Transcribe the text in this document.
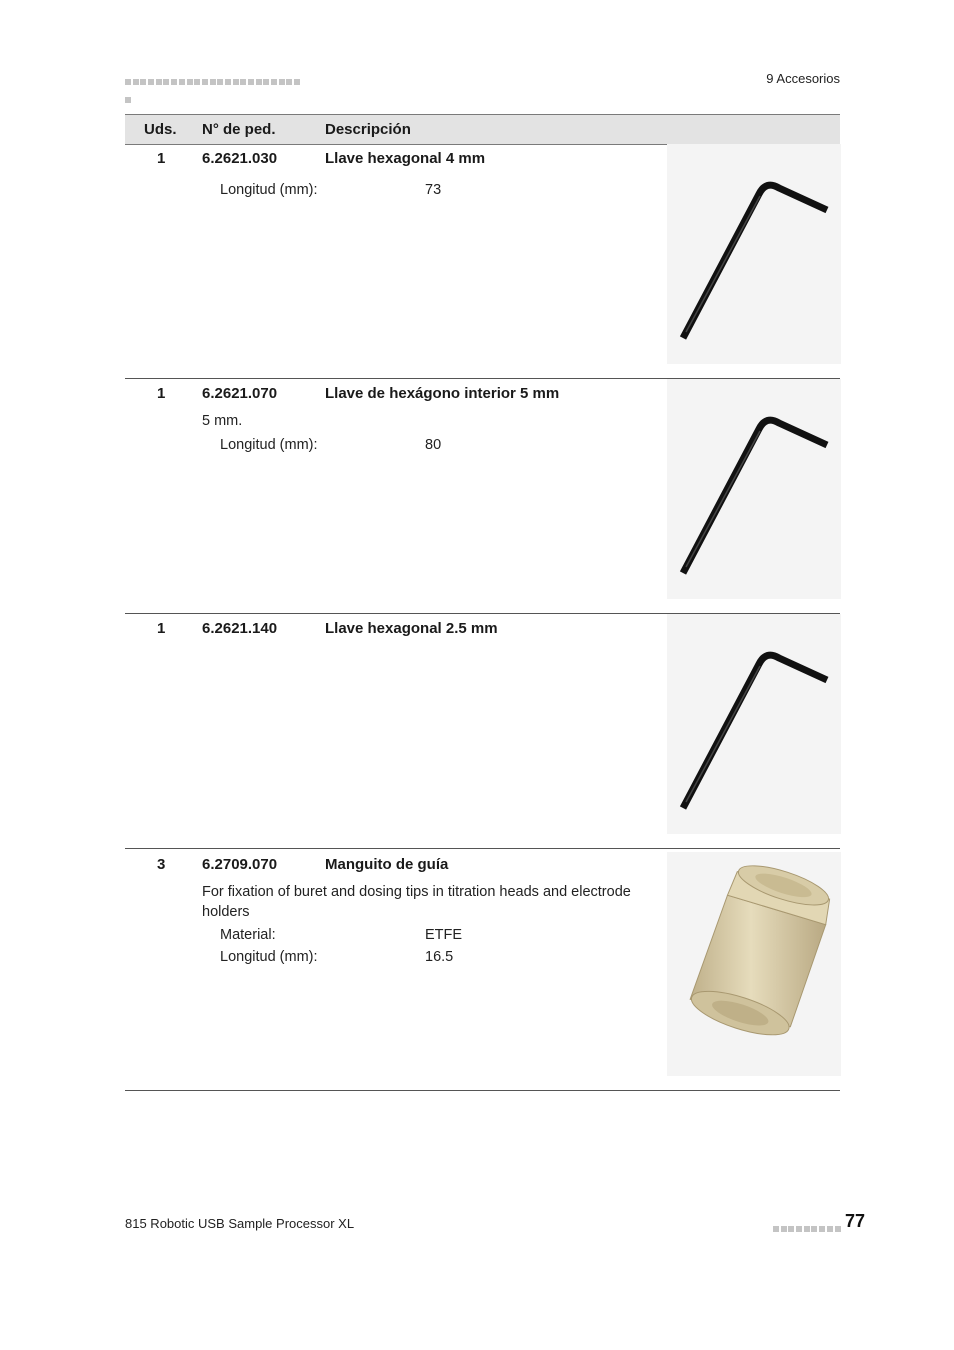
9 Accesorios
Uds. N° de ped.	Descripción
1 6.2621.030	Llave hexagonal 4 mm
Longitud (mm):	73
1 6.2621.070	Llave de hexágono interior 5 mm
5 mm.
Longitud (mm):	80
1 6.2621.140	Llave hexagonal 2.5 mm
3 6.2709.070	Manguito de guía
For fixation of buret and dosing tips in titration heads and electrode holders
Material:	ETFE
Longitud (mm):	16.5
815 Robotic USB Sample Processor XL	77
